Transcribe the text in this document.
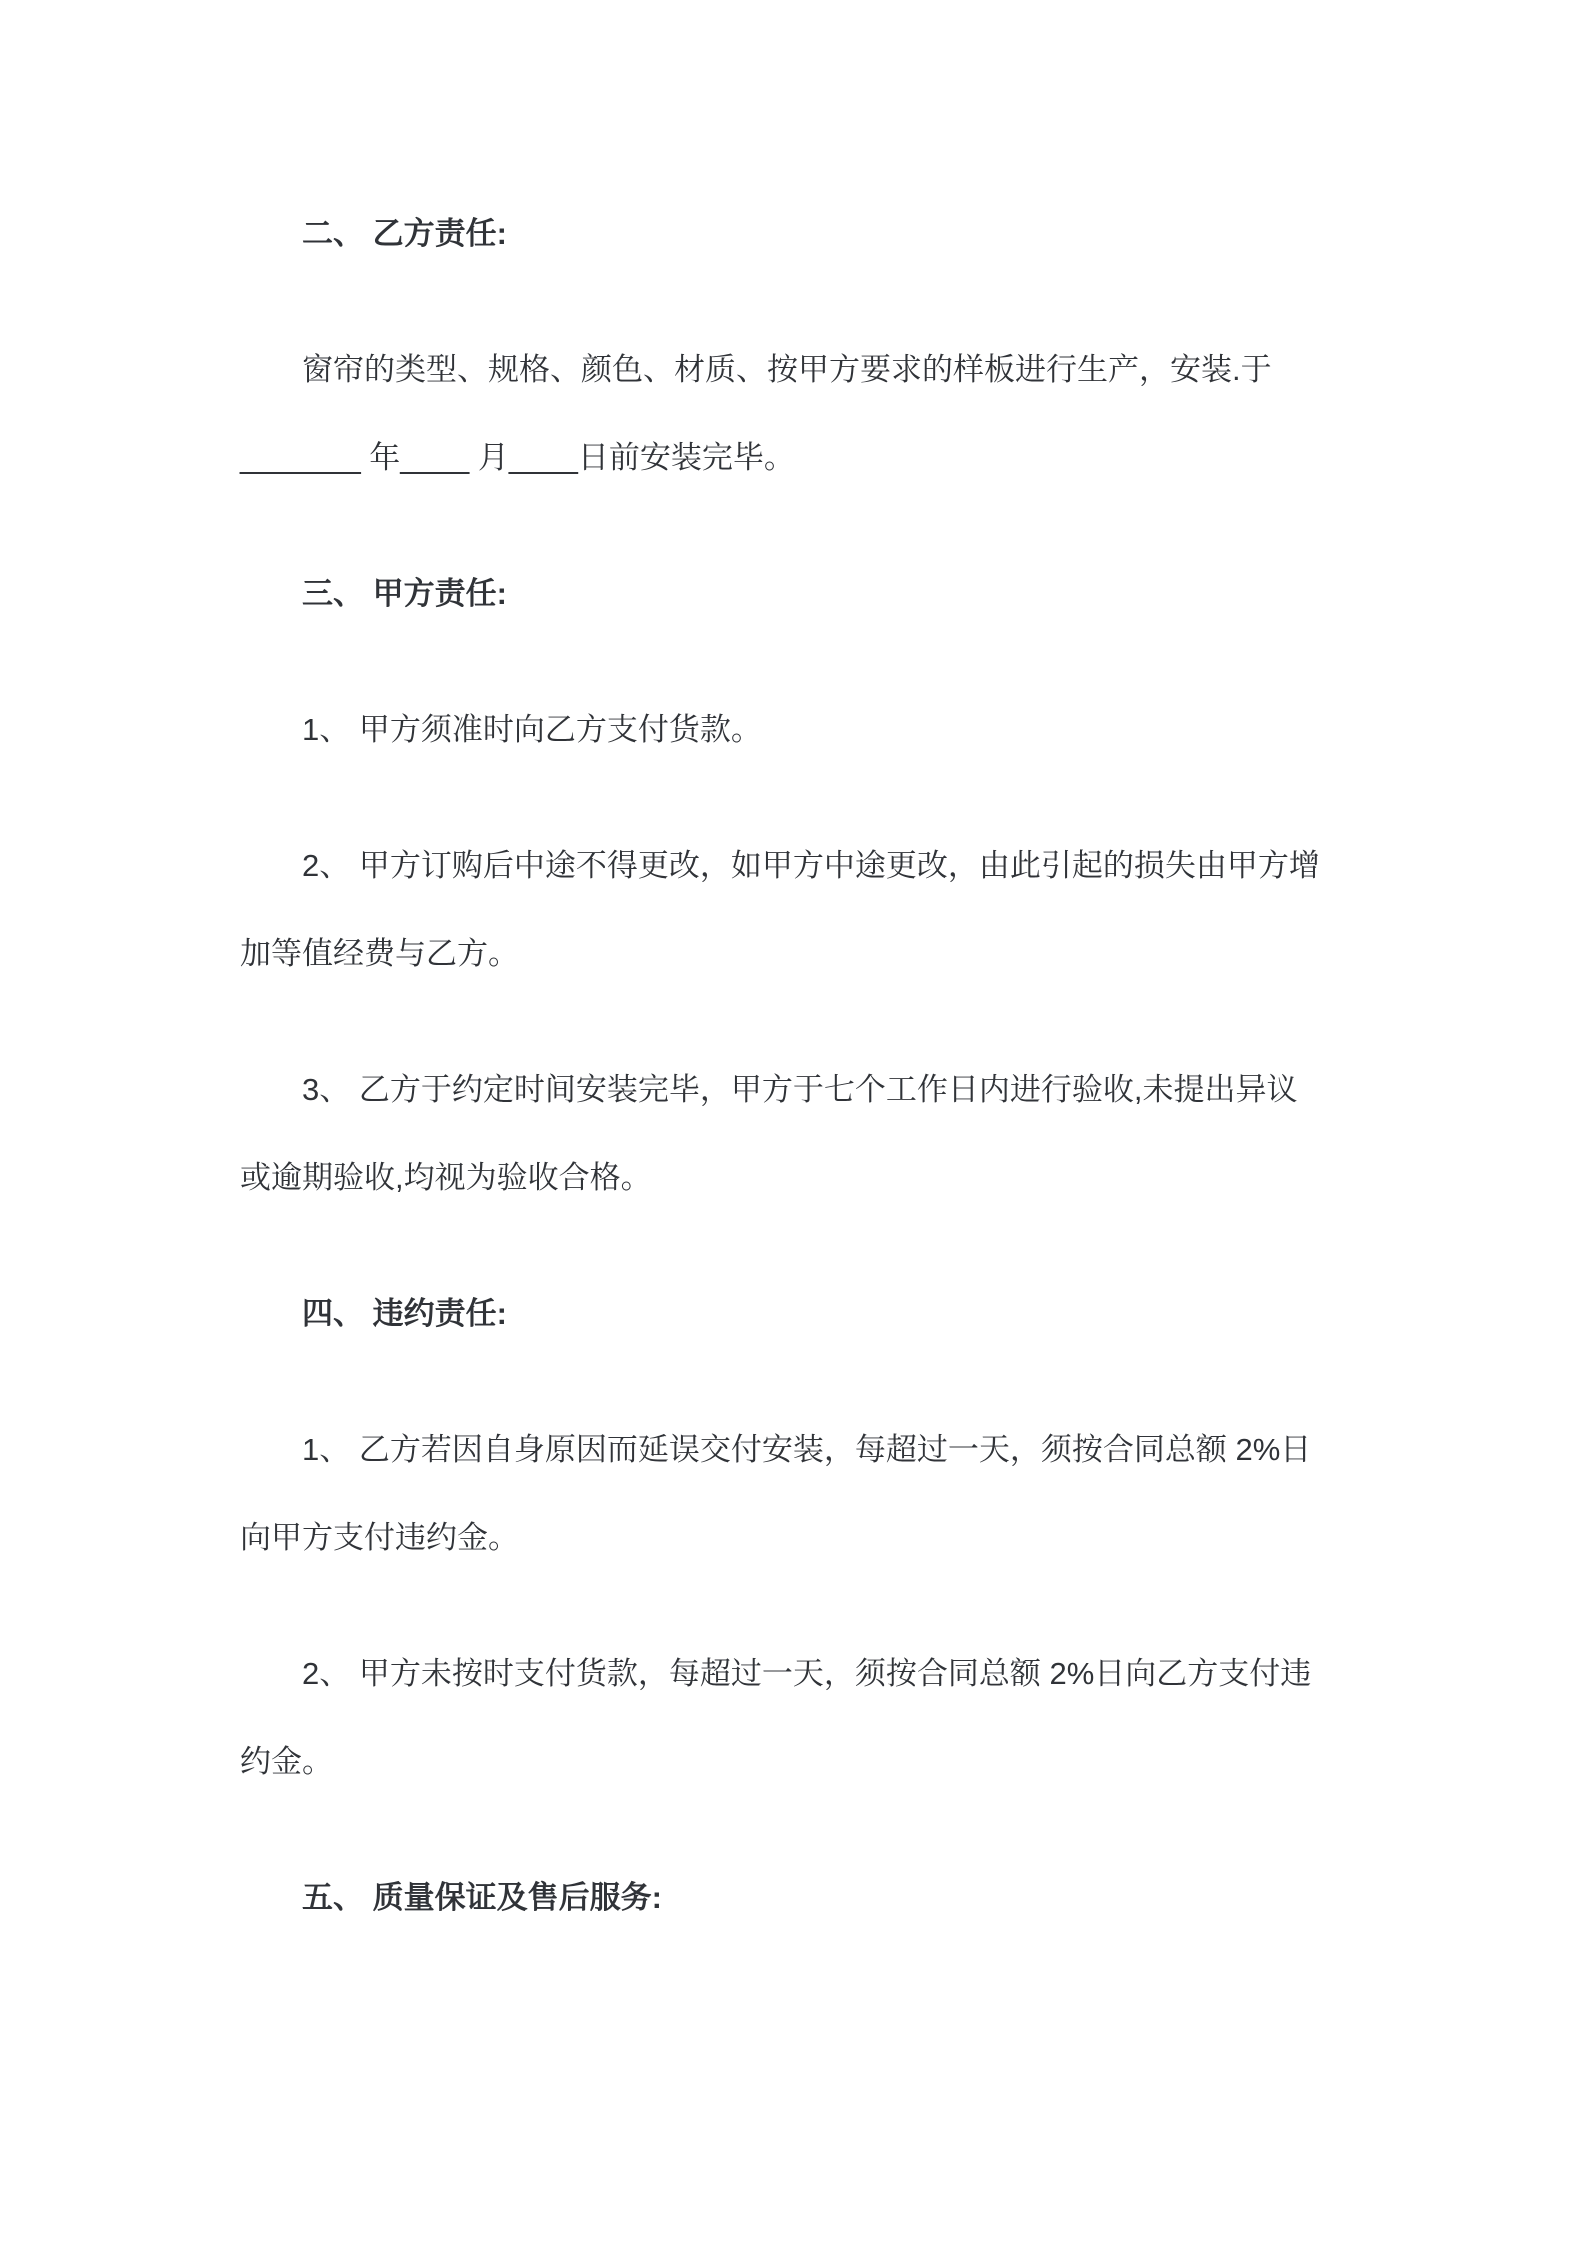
二、 乙方责任:

窗帘的类型、规格、颜色、材质、按甲方要求的样板进行生产，安装.于
_______ 年____ 月____日前安装完毕。

三、 甲方责任:

1、 甲方须准时向乙方支付货款。

2、 甲方订购后中途不得更改，如甲方中途更改，由此引起的损失由甲方增
加等值经费与乙方。

3、 乙方于约定时间安装完毕，甲方于七个工作日内进行验收,未提出异议
或逾期验收,均视为验收合格。

四、 违约责任:

1、 乙方若因自身原因而延误交付安装，每超过一天，须按合同总额 2%日
向甲方支付违约金。

2、 甲方未按时支付货款，每超过一天，须按合同总额 2%日向乙方支付违
约金。

五、 质量保证及售后服务:
